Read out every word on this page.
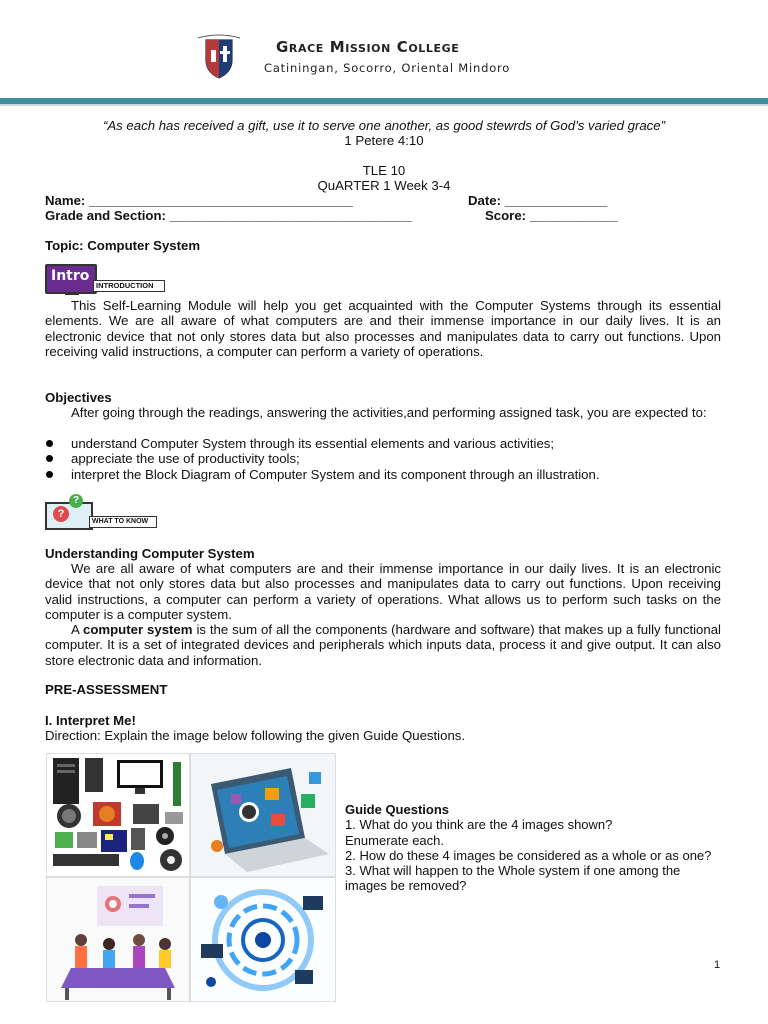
Grace Mission College
Catiningan, Socorro, Oriental Mindoro
“As each has received a gift, use it to serve one another, as good stewrds of God’s varied grace”
1 Petere 4:10
TLE 10
QuARTER 1 Week 3-4
Name: ____________________________________	Date: ______________
Grade and Section: _________________________________	Score: ____________
Topic: Computer System
Intro
INTRODUCTION
This Self-Learning Module will help you get acquainted with the Computer Systems through its essential elements. We are all aware of what computers are and their immense importance in our daily lives. It is an electronic device that not only stores data but also processes and manipulates data to carry out functions. Upon receiving valid instructions, a computer can perform a variety of operations.
Objectives
After going through the readings, answering the activities,and performing assigned task, you are expected to:
understand Computer System through its essential elements and various activities;
appreciate the use of productivity tools;
interpret the Block Diagram of Computer System and its component through an illustration.
?
?
WHAT TO KNOW
Understanding Computer System
We are all aware of what computers are and their immense importance in our daily lives. It is an electronic device that not only stores data but also processes and manipulates data to carry out functions. Upon receiving valid instructions, a computer can perform a variety of operations. What allows us to perform such tasks on the computer is a computer system.
A computer system is the sum of all the components (hardware and software) that makes up a fully functional computer. It is a set of integrated devices and peripherals which inputs data, process it and give output. It can also store electronic data and information.
PRE-ASSESSMENT
I. Interpret Me!
Direction: Explain the image below following the given Guide Questions.
Guide Questions
1. What do you think are the 4 images shown? Enumerate each.
2. How do these 4 images be considered as a whole or as one?
3. What will happen to the Whole system if one among the images be removed?
1
